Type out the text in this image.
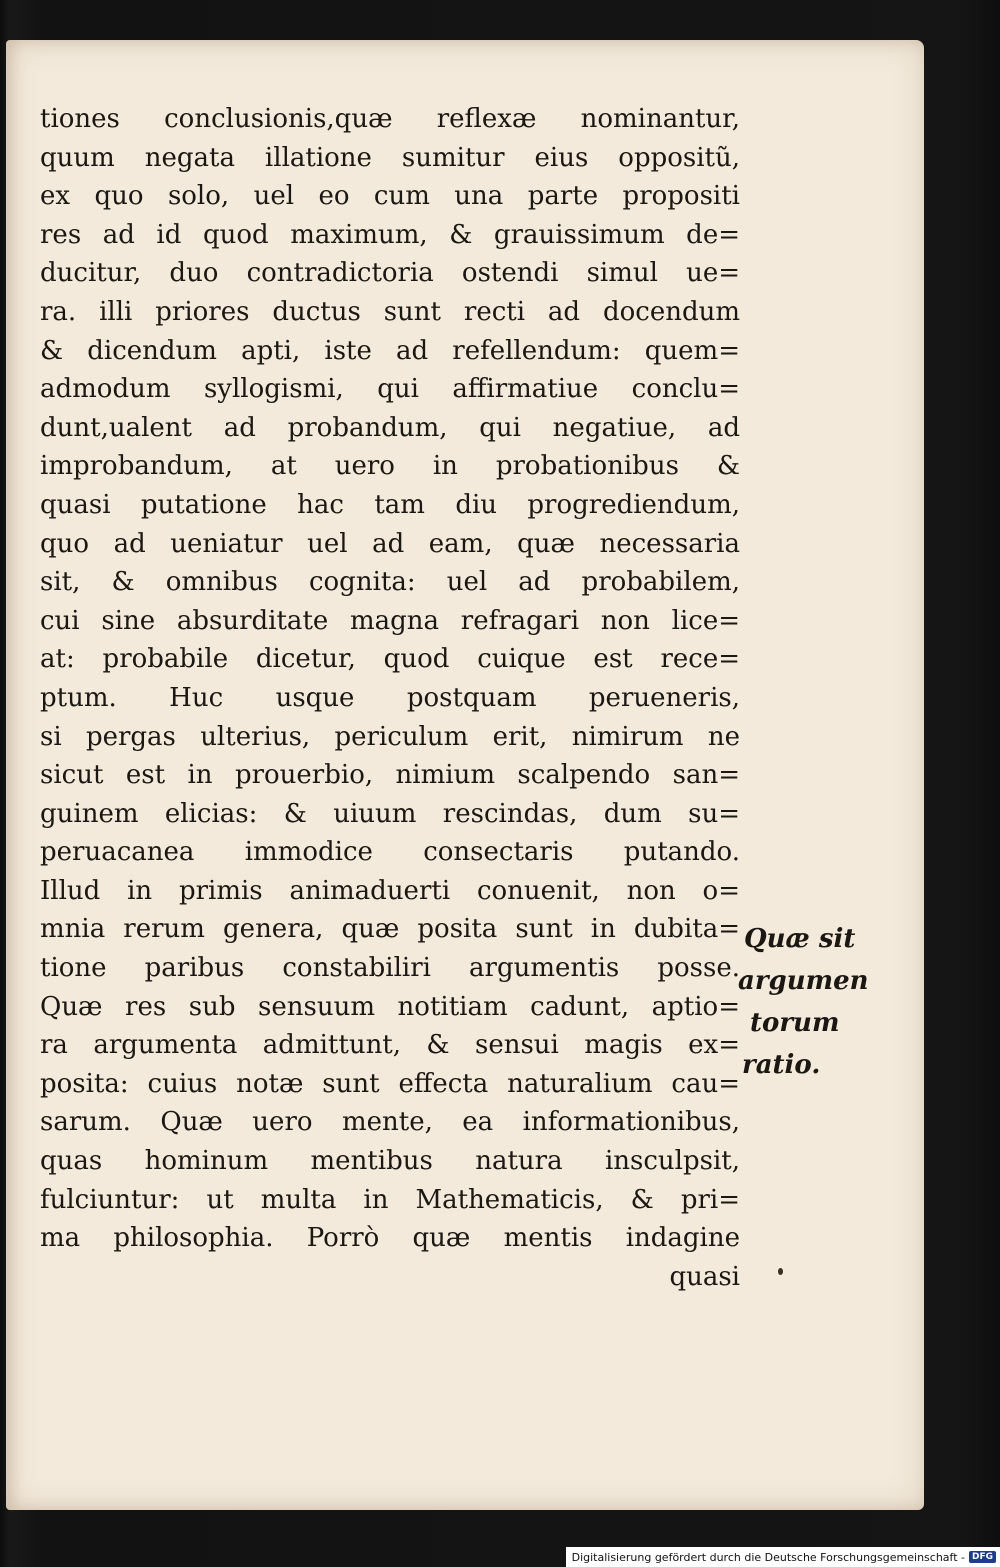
tiones conclusionis,quæ reflexæ nominantur,
quum negata illatione sumitur eius oppositũ,
ex quo solo, uel eo cum una parte propositi
res ad id quod maximum, & grauissimum de=
ducitur, duo contradictoria ostendi simul ue=
ra. illi priores ductus sunt recti ad docendum
& dicendum apti, iste ad refellendum: quem=
admodum syllogismi, qui affirmatiue conclu=
dunt,ualent ad probandum, qui negatiue, ad
improbandum, at uero in probationibus &
quasi putatione hac tam diu progrediendum,
quo ad ueniatur uel ad eam, quæ necessaria
sit, & omnibus cognita: uel ad probabilem,
cui sine absurditate magna refragari non lice=
at: probabile dicetur, quod cuique est rece=
ptum. Huc usque postquam perueneris,
si pergas ulterius, periculum erit, nimirum ne
sicut est in prouerbio, nimium scalpendo san=
guinem elicias: & uiuum rescindas, dum su=
peruacanea immodice consectaris putando.
Illud in primis animaduerti conuenit, non o=
mnia rerum genera, quæ posita sunt in dubita=
tione paribus constabiliri argumentis posse.
Quæ res sub sensuum notitiam cadunt, aptio=
ra argumenta admittunt, & sensui magis ex=
posita: cuius notæ sunt effecta naturalium cau=
sarum. Quæ uero mente, ea informationibus,
quas hominum mentibus natura insculpsit,
fulciuntur: ut multa in Mathematicis, & pri=
ma philosophia. Porrò quæ mentis indagine
quasi
Quæ sit
argumen
torum
ratio.
Digitalisierung gefördert durch die Deutsche Forschungsgemeinschaft - DFG
